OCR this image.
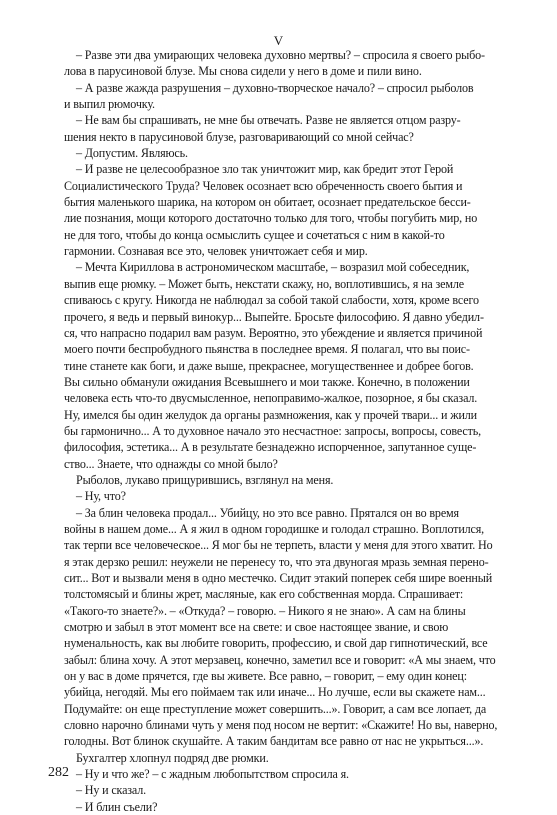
V
– Разве эти два умирающих человека духовно мертвы? – спросила я своего рыбо-
лова в парусиновой блузе. Мы снова сидели у него в доме и пили вино.
– А разве жажда разрушения – духовно-творческое начало? – спросил рыболов
и выпил рюмочку.
– Не вам бы спрашивать, не мне бы отвечать. Разве не является отцом разру-
шения некто в парусиновой блузе, разговаривающий со мной сейчас?
– Допустим. Являюсь.
– И разве не целесообразное зло так уничтожит мир, как бредит этот Герой
Социалистического Труда? Человек осознает всю обреченность своего бытия и
бытия маленького шарика, на котором он обитает, осознает предательское бесси-
лие познания, мощи которого достаточно только для того, чтобы погубить мир, но
не для того, чтобы до конца осмыслить сущее и сочетаться с ним в какой-то
гармонии. Сознавая все это, человек уничтожает себя и мир.
– Мечта Кириллова в астрономическом масштабе, – возразил мой собеседник,
выпив еще рюмку. – Может быть, некстати скажу, но, воплотившись, я на земле
спиваюсь с кругу. Никогда не наблюдал за собой такой слабости, хотя, кроме всего
прочего, я ведь и первый винокур... Выпейте. Бросьте философию. Я давно убедил-
ся, что напрасно подарил вам разум. Вероятно, это убеждение и является причиной
моего почти беспробудного пьянства в последнее время. Я полагал, что вы поис-
тине станете как боги, и даже выше, прекраснее, могущественнее и добрее богов.
Вы сильно обманули ожидания Всевышнего и мои также. Конечно, в положении
человека есть что-то двусмысленное, непоправимо-жалкое, позорное, я бы сказал.
Ну, имелся бы один желудок да органы размножения, как у прочей твари... и жили
бы гармонично... А то духовное начало это несчастное: запросы, вопросы, совесть,
философия, эстетика... А в результате безнадежно испорченное, запутанное суще-
ство... Знаете, что однажды со мной было?
Рыболов, лукаво прищурившись, взглянул на меня.
– Ну, что?
– За блин человека продал... Убийцу, но это все равно. Прятался он во время
войны в нашем доме... А я жил в одном городишке и голодал страшно. Воплотился,
так терпи все человеческое... Я мог бы не терпеть, власти у меня для этого хватит. Но
я этак дерзко решил: неужели не перенесу то, что эта двуногая мразь земная перено-
сит... Вот и вызвали меня в одно местечко. Сидит этакий поперек себя шире военный
толстомясый и блины жрет, масляные, как его собственная морда. Спрашивает:
«Такого-то знаете?». – «Откуда? – говорю. – Никого я не знаю». А сам на блины
смотрю и забыл в этот момент все на свете: и свое настоящее звание, и свою
нуменальность, как вы любите говорить, профессию, и свой дар гипнотический, все
забыл: блина хочу. А этот мерзавец, конечно, заметил все и говорит: «А мы знаем, что
он у вас в доме прячется, где вы живете. Все равно, – говорит, – ему один конец:
убийца, негодяй. Мы его поймаем так или иначе... Но лучше, если вы скажете нам...
Подумайте: он еще преступление может совершить...». Говорит, а сам все лопает, да
словно нарочно блинами чуть у меня под носом не вертит: «Скажите! Но вы, наверно,
голодны. Вот блинок скушайте. А таким бандитам все равно от нас не укрыться...».
Бухгалтер хлопнул подряд две рюмки.
– Ну и что же? – с жадным любопытством спросила я.
– Ну и сказал.
– И блин съели?
282
